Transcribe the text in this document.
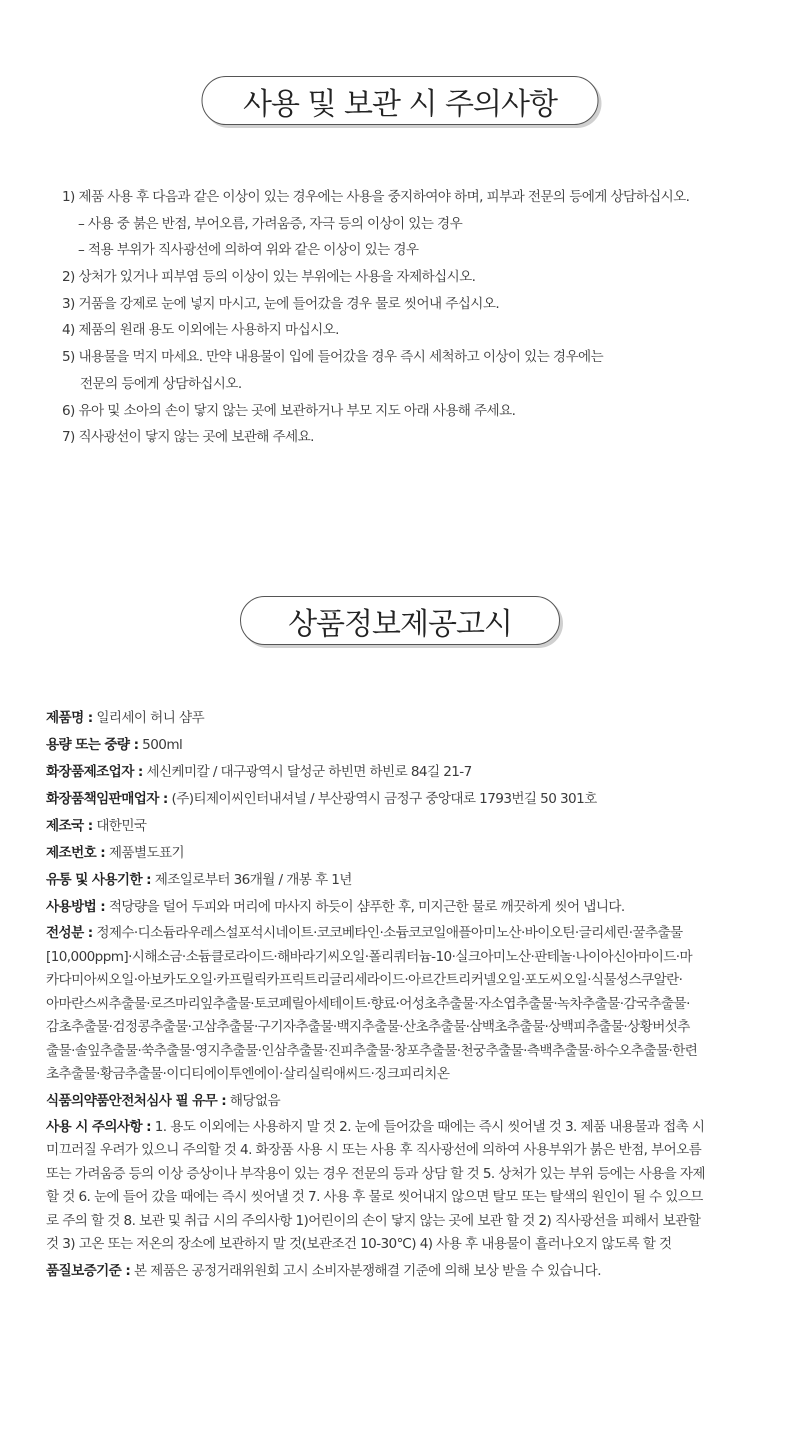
사용 및 보관 시 주의사항
1) 제품 사용 후 다음과 같은 이상이 있는 경우에는 사용을 중지하여야 하며, 피부과 전문의 등에게 상담하십시오.
– 사용 중 붉은 반점, 부어오름, 가려움증, 자극 등의 이상이 있는 경우
– 적용 부위가 직사광선에 의하여 위와 같은 이상이 있는 경우
2) 상처가 있거나 피부염 등의 이상이 있는 부위에는 사용을 자제하십시오.
3) 거품을 강제로 눈에 넣지 마시고, 눈에 들어갔을 경우 물로 씻어내 주십시오.
4) 제품의 원래 용도 이외에는 사용하지 마십시오.
5) 내용물을 먹지 마세요. 만약 내용물이 입에 들어갔을 경우 즉시 세척하고 이상이 있는 경우에는
전문의 등에게 상담하십시오.
6) 유아 및 소아의 손이 닿지 않는 곳에 보관하거나 부모 지도 아래 사용해 주세요.
7) 직사광선이 닿지 않는 곳에 보관해 주세요.
상품정보제공고시
제품명 : 일리세이 허니 샴푸
용량 또는 중량 : 500ml
화장품제조업자 : 세신케미칼 / 대구광역시 달성군 하빈면 하빈로 84길 21-7
화장품책임판매업자 : (주)티제이씨인터내셔널 / 부산광역시 금정구 중앙대로 1793번길 50 301호
제조국 : 대한민국
제조번호 : 제품별도표기
유통 및 사용기한 : 제조일로부터 36개월 / 개봉 후 1년
사용방법 : 적당량을 덜어 두피와 머리에 마사지 하듯이 샴푸한 후, 미지근한 물로 깨끗하게 씻어 냅니다.
전성분 : 정제수·디소듐라우레스설포석시네이트·코코베타인·소듐코코일애플아미노산·바이오틴·글리세린·꿀추출물
[10,000ppm]·시해소금·소듐클로라이드·해바라기씨오일·폴리쿼터늄-10·실크아미노산·판테놀·나이아신아마이드·마
카다미아씨오일·아보카도오일·카프릴릭카프릭트리글리세라이드·아르간트리커넬오일·포도씨오일·식물성스쿠알란·
아마란스씨추출물·로즈마리잎추출물·토코페릴아세테이트·향료·어성초추출물·자소엽추출물·녹차추출물·감국추출물·
감초추출물·검정콩추출물·고삼추출물·구기자추출물·백지추출물·산초추출물·삼백초추출물·상백피추출물·상황버섯추
출물·솔잎추출물·쑥추출물·영지추출물·인삼추출물·진피추출물·창포추출물·천궁추출물·측백추출물·하수오추출물·한련
초추출물·황금추출물·이디티에이투엔에이·살리실릭애씨드·징크피리치온
식품의약품안전처심사 필 유무 : 해당없음
사용 시 주의사항 : 1. 용도 이외에는 사용하지 말 것 2. 눈에 들어갔을 때에는 즉시 씻어낼 것 3. 제품 내용물과 접촉 시
미끄러질 우려가 있으니 주의할 것 4. 화장품 사용 시 또는 사용 후 직사광선에 의하여 사용부위가 붉은 반점, 부어오름
또는 가려움증 등의 이상 증상이나 부작용이 있는 경우 전문의 등과 상담 할 것 5. 상처가 있는 부위 등에는 사용을 자제
할 것 6. 눈에 들어 갔을 때에는 즉시 씻어낼 것 7. 사용 후 물로 씻어내지 않으면 탈모 또는 탈색의 원인이 될 수 있으므
로 주의 할 것 8. 보관 및 취급 시의 주의사항 1)어린이의 손이 닿지 않는 곳에 보관 할 것 2) 직사광선을 피해서 보관할
것 3) 고온 또는 저온의 장소에 보관하지 말 것(보관조건 10-30℃) 4) 사용 후 내용물이 흘러나오지 않도록 할 것
품질보증기준 : 본 제품은 공정거래위원회 고시 소비자분쟁해결 기준에 의해 보상 받을 수 있습니다.
